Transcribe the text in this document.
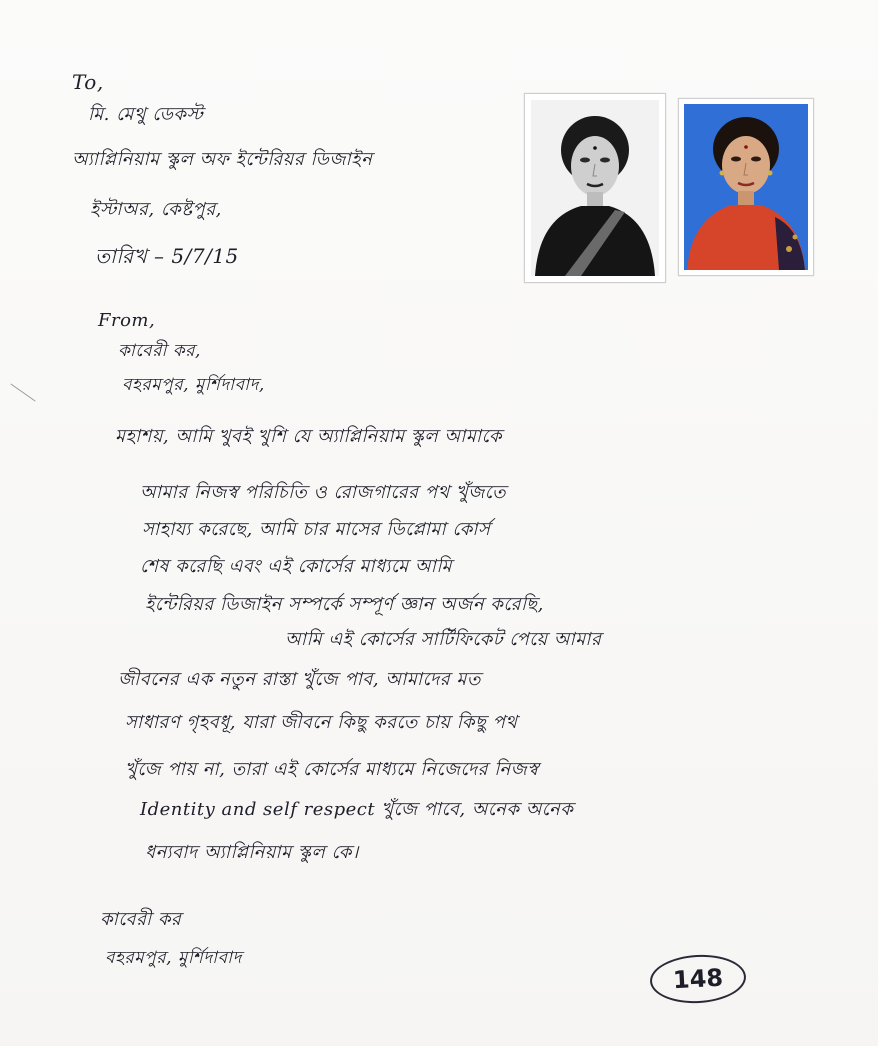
To,
মি. মেথু ডেকস্ট
অ্যাপ্লিনিয়াম স্কুল অফ ইন্টেরিয়র ডিজাইন
ইস্টাঅর, কেষ্টপুর,
তারিখ – 5/7/15
From,
কাবেরী কর,
বহরমপুর, মুর্শিদাবাদ,
মহাশয়, আমি খুবই খুশি যে অ্যাপ্লিনিয়াম স্কুল আমাকে
আমার নিজস্ব পরিচিতি ও রোজগারের পথ খুঁজতে
সাহায্য করেছে, আমি চার মাসের ডিপ্লোমা কোর্স
শেষ করেছি এবং এই কোর্সের মাধ্যমে আমি
ইন্টেরিয়র ডিজাইন সম্পর্কে সম্পূর্ণ জ্ঞান অর্জন করেছি,
আমি এই কোর্সের সার্টিফিকেট পেয়ে আমার
জীবনের এক নতুন রাস্তা খুঁজে পাব, আমাদের মত
সাধারণ গৃহবধূ, যারা জীবনে কিছু করতে চায় কিছু পথ
খুঁজে পায় না, তারা এই কোর্সের মাধ্যমে নিজেদের নিজস্ব
Identity and self respect খুঁজে পাবে, অনেক অনেক
ধন্যবাদ অ্যাপ্লিনিয়াম স্কুল কে।
কাবেরী কর
বহরমপুর, মুর্শিদাবাদ
148
